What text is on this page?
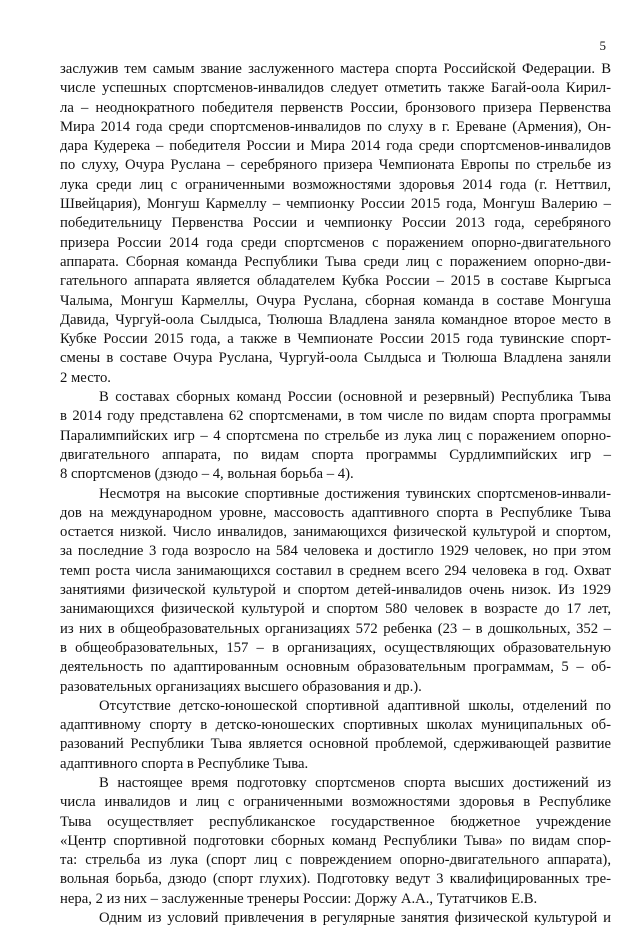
5
заслужив тем самым звание заслуженного мастера спорта Российской Федерации. В
числе успешных спортсменов-инвалидов следует отметить также Багай-оола Кирил-
ла – неоднократного победителя первенств России, бронзового призера Первенства
Мира 2014 года среди спортсменов-инвалидов по слуху в г. Ереване (Армения), Он-
дара Кудерека – победителя России и Мира 2014 года среди спортсменов-инвалидов
по слуху, Очура Руслана – серебряного призера Чемпионата Европы по стрельбе из
лука среди лиц с ограниченными возможностями здоровья 2014 года (г. Неттвил,
Швейцария), Монгуш Кармеллу – чемпионку России 2015 года, Монгуш Валерию –
победительницу Первенства России и чемпионку России 2013 года, серебряного
призера России 2014 года среди спортсменов с поражением опорно-двигательного
аппарата. Сборная команда Республики Тыва среди лиц с поражением опорно-дви-
гательного аппарата является обладателем Кубка России – 2015 в составе Кыргыса
Чалыма, Монгуш Кармеллы, Очура Руслана, сборная команда в составе Монгуша
Давида, Чургуй-оола Сылдыса, Тюлюша Владлена заняла командное второе место в
Кубке России 2015 года, а также в Чемпионате России 2015 года тувинские спорт-
смены в составе Очура Руслана, Чургуй-оола Сылдыса и Тюлюша Владлена заняли
2 место.
В составах сборных команд России (основной и резервный) Республика Тыва
в 2014 году представлена 62 спортсменами, в том числе по видам спорта программы
Паралимпийских игр – 4 спортсмена по стрельбе из лука лиц с поражением опорно-
двигательного аппарата, по видам спорта программы Сурдлимпийских игр –
8 спортсменов (дзюдо – 4, вольная борьба – 4).
Несмотря на высокие спортивные достижения тувинских спортсменов-инвали-
дов на международном уровне, массовость адаптивного спорта в Республике Тыва
остается низкой. Число инвалидов, занимающихся физической культурой и спортом,
за последние 3 года возросло на 584 человека и достигло 1929 человек, но при этом
темп роста числа занимающихся составил в среднем всего 294 человека в год. Охват
занятиями физической культурой и спортом детей-инвалидов очень низок. Из 1929
занимающихся физической культурой и спортом 580 человек в возрасте до 17 лет,
из них в общеобразовательных организациях 572 ребенка (23 – в дошкольных, 352 –
в общеобразовательных, 157 – в организациях, осуществляющих образовательную
деятельность по адаптированным основным образовательным программам, 5 – об-
разовательных организациях высшего образования и др.).
Отсутствие детско-юношеской спортивной адаптивной школы, отделений по
адаптивному спорту в детско-юношеских спортивных школах муниципальных об-
разований Республики Тыва является основной проблемой, сдерживающей развитие
адаптивного спорта в Республике Тыва.
В настоящее время подготовку спортсменов спорта высших достижений из
числа инвалидов и лиц с ограниченными возможностями здоровья в Республике
Тыва осуществляет республиканское государственное бюджетное учреждение
«Центр спортивной подготовки сборных команд Республики Тыва» по видам спор-
та: стрельба из лука (спорт лиц с повреждением опорно-двигательного аппарата),
вольная борьба, дзюдо (спорт глухих). Подготовку ведут 3 квалифицированных тре-
нера, 2 из них – заслуженные тренеры России: Доржу А.А., Тутатчиков Е.В.
Одним из условий привлечения в регулярные занятия физической культурой и
